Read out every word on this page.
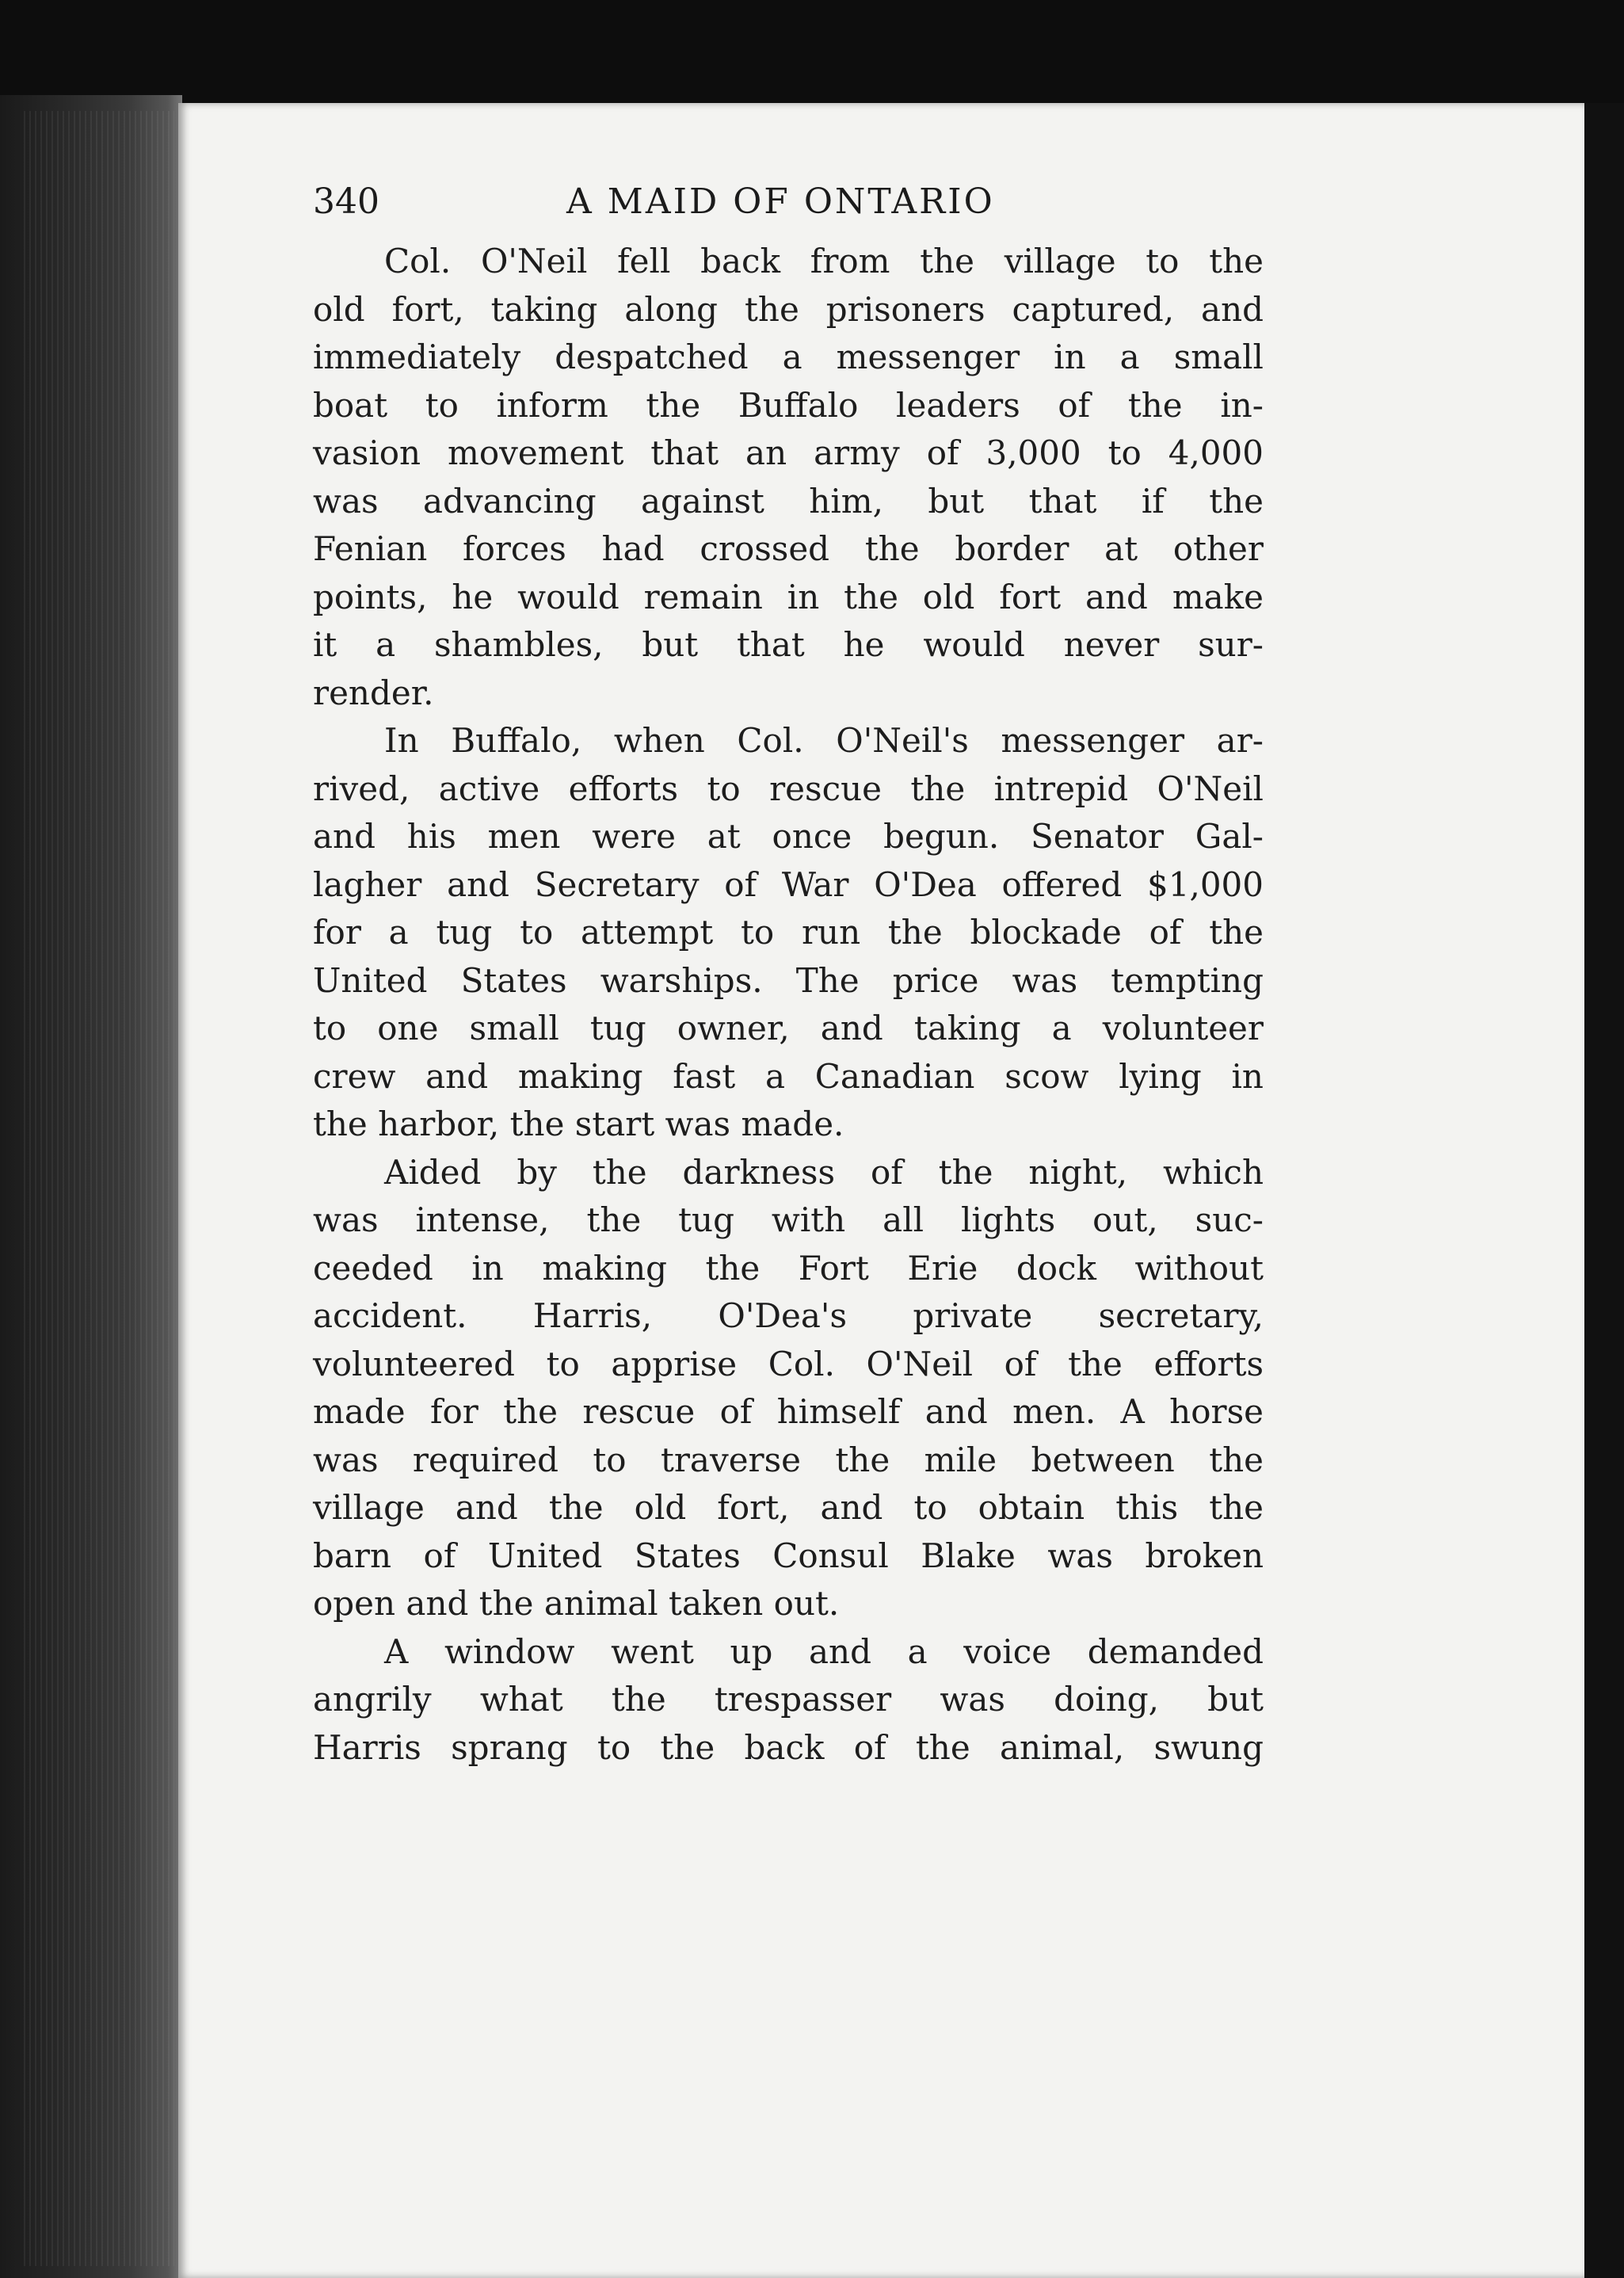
340	A MAID OF ONTARIO

Col. O'Neil fell back from the village to the
old fort, taking along the prisoners captured, and
immediately despatched a messenger in a small
boat to inform the Buffalo leaders of the in-
vasion movement that an army of 3,000 to 4,000
was advancing against him, but that if the
Fenian forces had crossed the border at other
points, he would remain in the old fort and make
it a shambles, but that he would never sur-
render.

In Buffalo, when Col. O'Neil's messenger ar-
rived, active efforts to rescue the intrepid O'Neil
and his men were at once begun. Senator Gal-
lagher and Secretary of War O'Dea offered $1,000
for a tug to attempt to run the blockade of the
United States warships. The price was tempting
to one small tug owner, and taking a volunteer
crew and making fast a Canadian scow lying in
the harbor, the start was made.

Aided by the darkness of the night, which
was intense, the tug with all lights out, suc-
ceeded in making the Fort Erie dock without
accident. Harris, O'Dea's private secretary,
volunteered to apprise Col. O'Neil of the efforts
made for the rescue of himself and men. A horse
was required to traverse the mile between the
village and the old fort, and to obtain this the
barn of United States Consul Blake was broken
open and the animal taken out.

A window went up and a voice demanded
angrily what the trespasser was doing, but
Harris sprang to the back of the animal, swung
